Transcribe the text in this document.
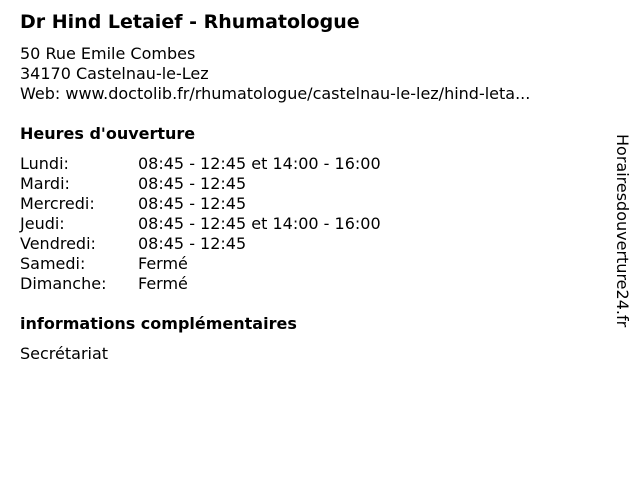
Dr Hind Letaief - Rhumatologue
50 Rue Emile Combes
34170 Castelnau-le-Lez
Web: www.doctolib.fr/rhumatologue/castelnau-le-lez/hind-leta...
Heures d'ouverture
Lundi:	08:45 - 12:45 et 14:00 - 16:00
Mardi:	08:45 - 12:45
Mercredi:	08:45 - 12:45
Jeudi:	08:45 - 12:45 et 14:00 - 16:00
Vendredi:	08:45 - 12:45
Samedi:	Fermé
Dimanche:	Fermé
informations complémentaires
Secrétariat
Horairesdouverture24.fr
